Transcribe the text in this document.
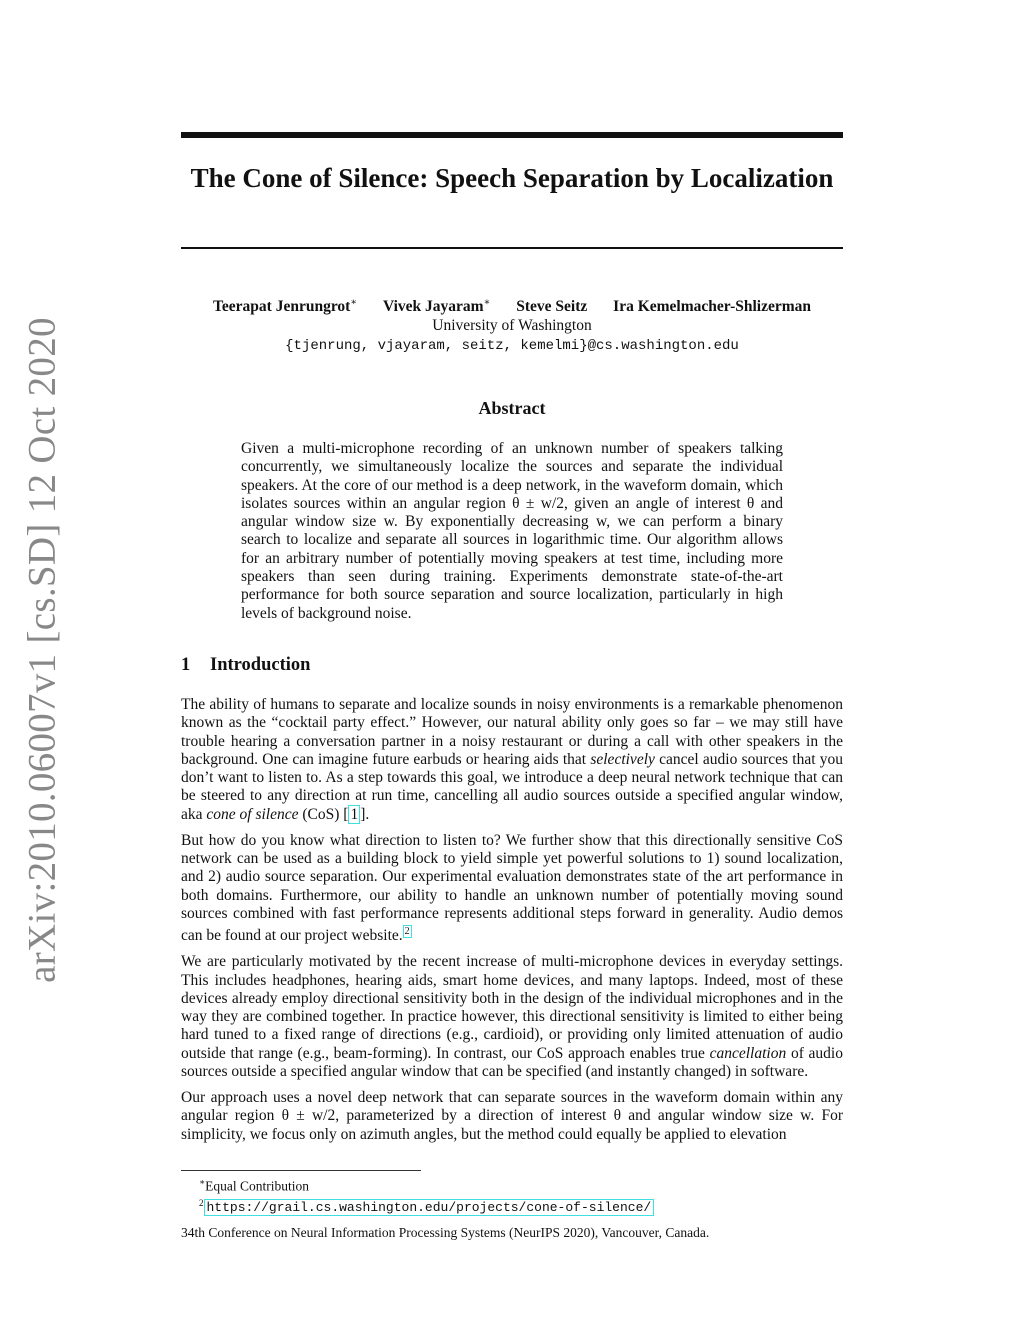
arXiv:2010.06007v1 [cs.SD] 12 Oct 2020
The Cone of Silence: Speech Separation by Localization
Teerapat Jenrungrot∗ Vivek Jayaram∗ Steve Seitz Ira Kemelmacher-Shlizerman
University of Washington
{tjenrung, vjayaram, seitz, kemelmi}@cs.washington.edu
Abstract

Given a multi-microphone recording of an unknown number of speakers talking concurrently, we simultaneously localize the sources and separate the individual speakers. At the core of our method is a deep network, in the waveform domain, which isolates sources within an angular region θ ± w/2, given an angle of interest θ and angular window size w. By exponentially decreasing w, we can perform a binary search to localize and separate all sources in logarithmic time. Our algorithm allows for an arbitrary number of potentially moving speakers at test time, including more speakers than seen during training. Experiments demonstrate state-of-the-art performance for both source separation and source localization, particularly in high levels of background noise.

1 Introduction

The ability of humans to separate and localize sounds in noisy environments is a remarkable phenomenon known as the “cocktail party effect.” However, our natural ability only goes so far – we may still have trouble hearing a conversation partner in a noisy restaurant or during a call with other speakers in the background. One can imagine future earbuds or hearing aids that selectively cancel audio sources that you don’t want to listen to. As a step towards this goal, we introduce a deep neural network technique that can be steered to any direction at run time, cancelling all audio sources outside a specified angular window, aka cone of silence (CoS) [ 1 ].

But how do you know what direction to listen to? We further show that this directionally sensitive CoS network can be used as a building block to yield simple yet powerful solutions to 1) sound localization, and 2) audio source separation. Our experimental evaluation demonstrates state of the art performance in both domains. Furthermore, our ability to handle an unknown number of potentially moving sound sources combined with fast performance represents additional steps forward in generality. Audio demos can be found at our project website. $^2$

We are particularly motivated by the recent increase of multi-microphone devices in everyday settings. This includes headphones, hearing aids, smart home devices, and many laptops. Indeed, most of these devices already employ directional sensitivity both in the design of the individual microphones and in the way they are combined together. In practice however, this directional sensitivity is limited to either being hard tuned to a fixed range of directions (e.g., cardioid), or providing only limited attenuation of audio outside that range (e.g., beam-forming). In contrast, our CoS approach enables true cancellation of audio sources outside a specified angular window that can be specified (and instantly changed) in software.

Our approach uses a novel deep network that can separate sources in the waveform domain within any angular region θ ± w/2, parameterized by a direction of interest θ and angular window size w. For simplicity, we focus only on azimuth angles, but the method could equally be applied to elevation

∗Equal Contribution
$^2$ https://grail.cs.washington.edu/projects/cone-of-silence/
34th Conference on Neural Information Processing Systems (NeurIPS 2020), Vancouver, Canada.
